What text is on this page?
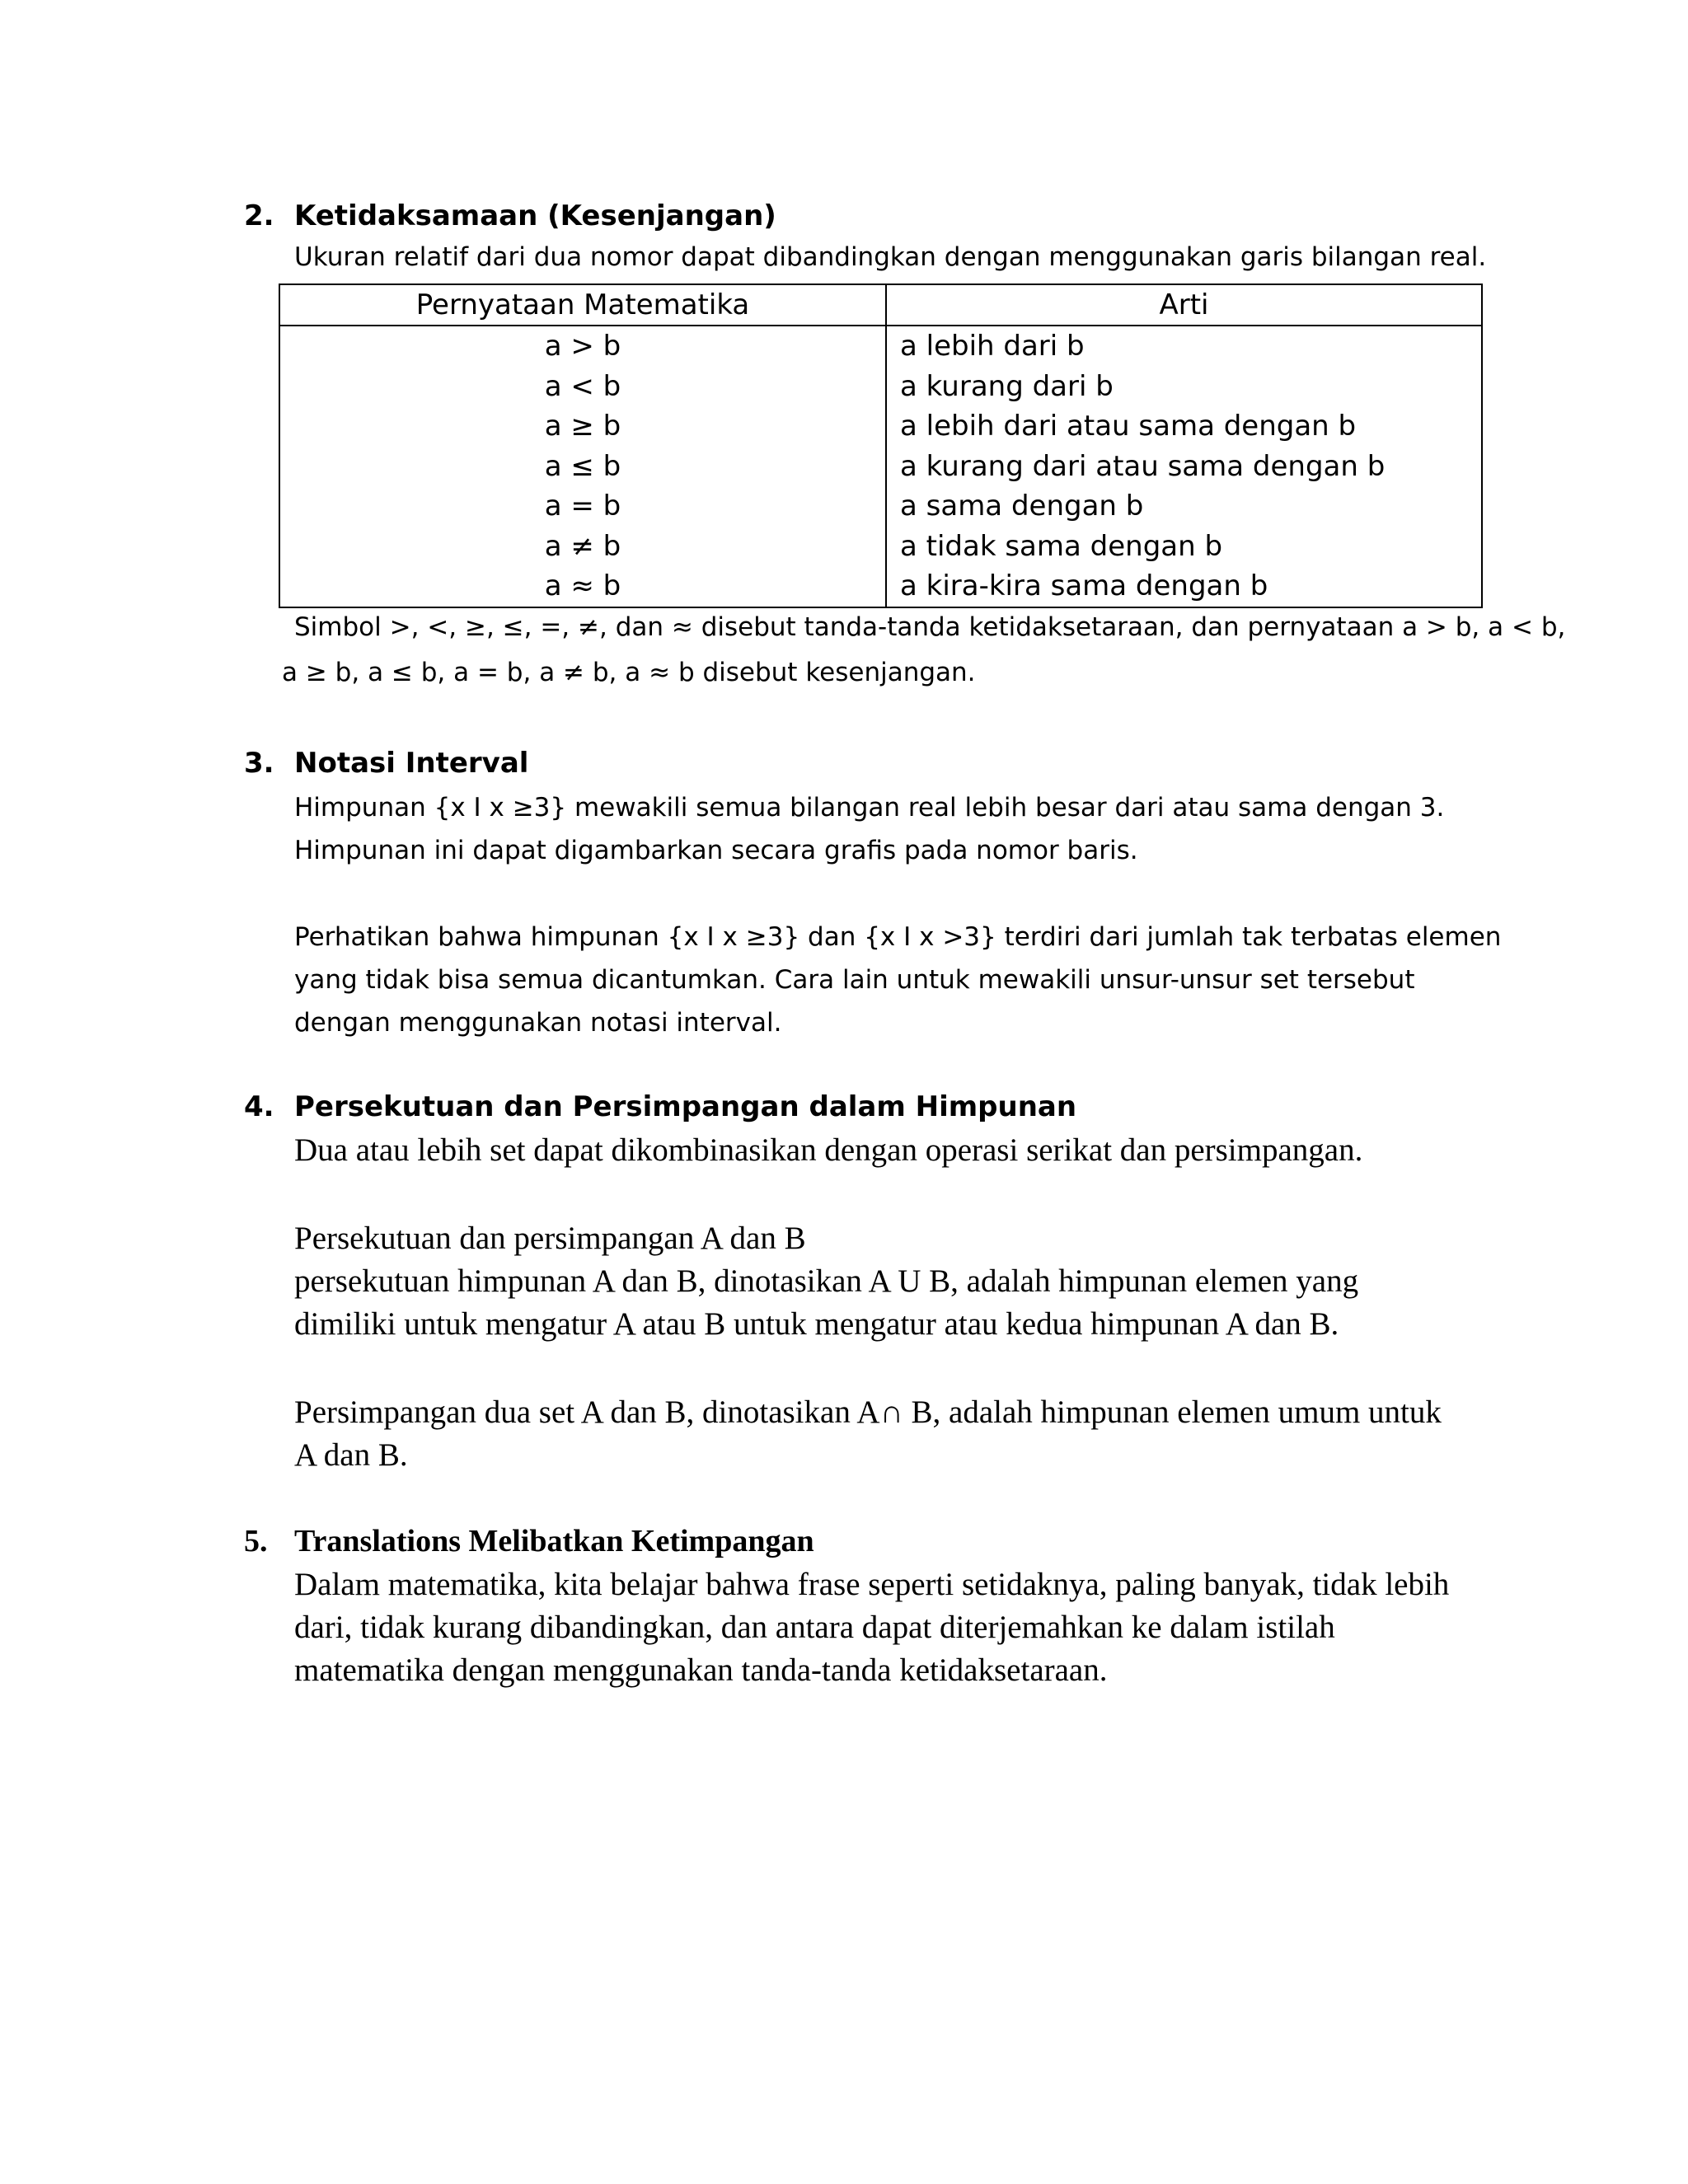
2. Ketidaksamaan (Kesenjangan)
Ukuran relatif dari dua nomor dapat dibandingkan dengan menggunakan garis bilangan real.
Pernyataan Matematika	Arti
a > b	a lebih dari b
a < b	a kurang dari b
a ≥ b	a lebih dari atau sama dengan b
a ≤ b	a kurang dari atau sama dengan b
a = b	a sama dengan b
a ≠ b	a tidak sama dengan b
a ≈ b	a kira-kira sama dengan b
Simbol >, <, ≥, ≤, =, ≠, dan ≈ disebut tanda-tanda ketidaksetaraan, dan pernyataan a > b, a < b,
a ≥ b, a ≤ b, a = b, a ≠ b, a ≈ b disebut kesenjangan.
3. Notasi Interval
Himpunan {x I x ≥3} mewakili semua bilangan real lebih besar dari atau sama dengan 3.
Himpunan ini dapat digambarkan secara grafis pada nomor baris.
Perhatikan bahwa himpunan {x I x ≥3} dan {x I x >3} terdiri dari jumlah tak terbatas elemen
yang tidak bisa semua dicantumkan. Cara lain untuk mewakili unsur-unsur set tersebut
dengan menggunakan notasi interval.
4. Persekutuan dan Persimpangan dalam Himpunan
Dua atau lebih set dapat dikombinasikan dengan operasi serikat dan persimpangan.
Persekutuan dan persimpangan A dan B
persekutuan himpunan A dan B, dinotasikan A U B, adalah himpunan elemen yang
dimiliki untuk mengatur A atau B untuk mengatur atau kedua himpunan A dan B.
Persimpangan dua set A dan B, dinotasikan A∩ B, adalah himpunan elemen umum untuk
A dan B.
5. Translations Melibatkan Ketimpangan
Dalam matematika, kita belajar bahwa frase seperti setidaknya, paling banyak, tidak lebih
dari, tidak kurang dibandingkan, dan antara dapat diterjemahkan ke dalam istilah
matematika dengan menggunakan tanda-tanda ketidaksetaraan.
